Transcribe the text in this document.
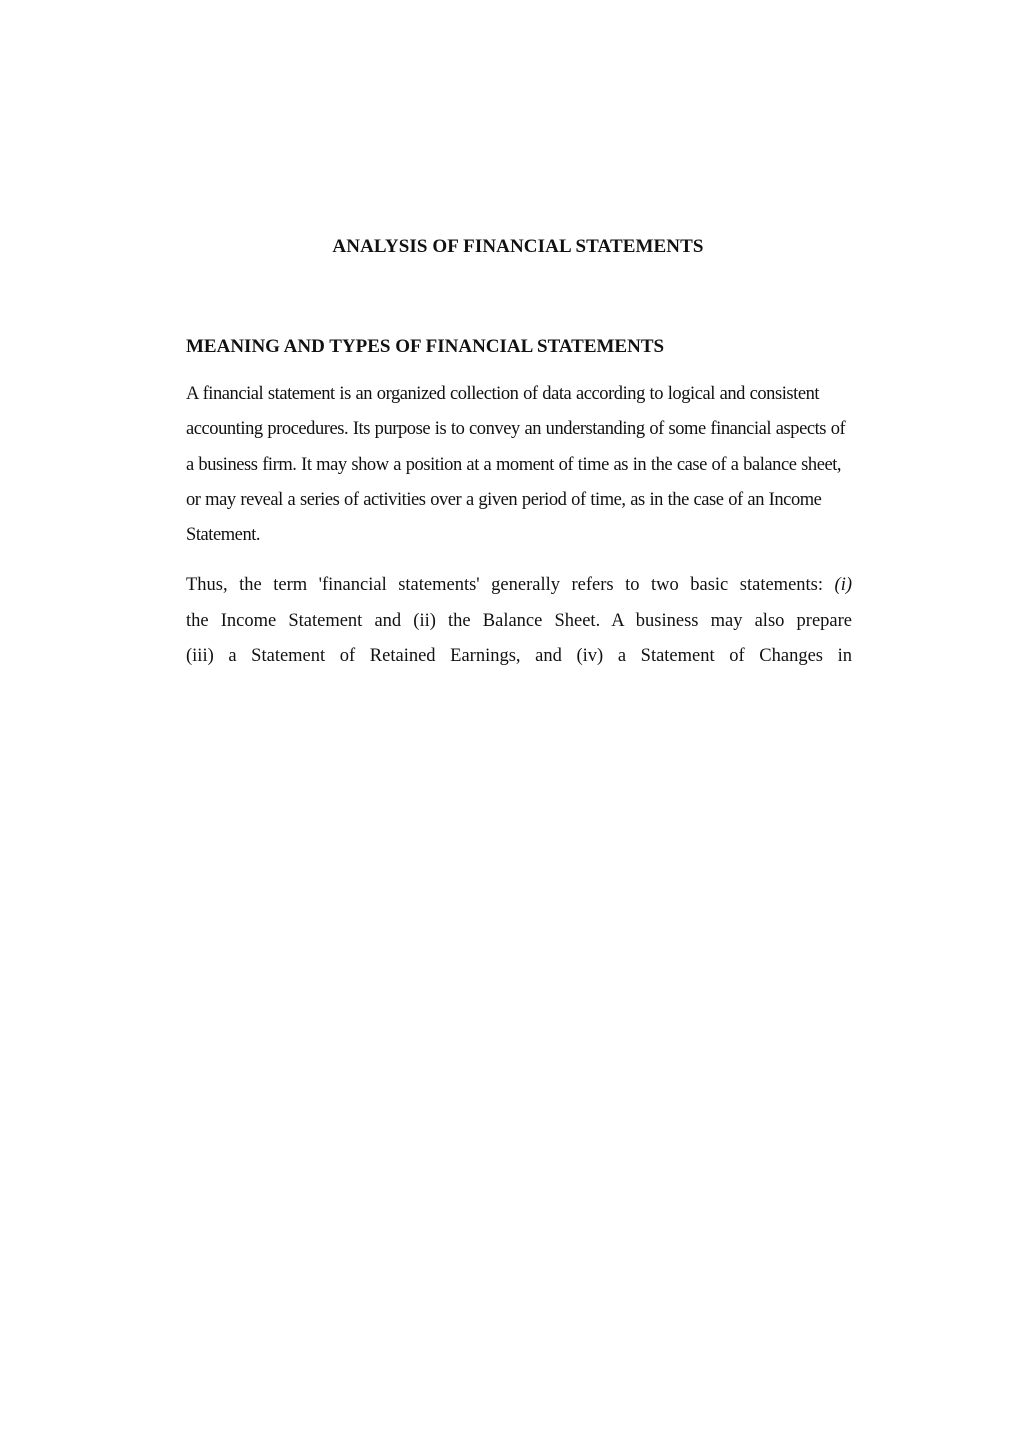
ANALYSIS OF FINANCIAL STATEMENTS
MEANING AND TYPES OF FINANCIAL STATEMENTS

A financial statement is an organized collection of data according to logical and consistent accounting procedures. Its purpose is to convey an understanding of some financial aspects of a business firm. It may show a position at a moment of time as in the case of a balance sheet, or may reveal a series of activities over a given period of time, as in the case of an Income Statement.

Thus, the term 'financial statements' generally refers to two basic statements: (i)
the Income Statement and (ii) the Balance Sheet. A business may also prepare
(iii) a Statement of Retained Earnings, and (iv) a Statement of Changes in
